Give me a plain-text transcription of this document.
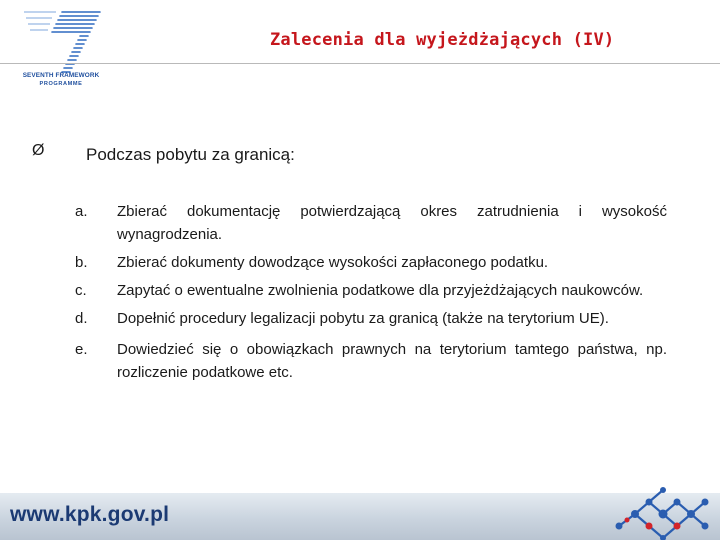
SEVENTH FRAMEWORK
PROGRAMME
Zalecenia dla wyjeżdżających (IV)
Ø Podczas pobytu za granicą:
a.	Zbierać dokumentację potwierdzającą okres zatrudnienia i wysokość wynagrodzenia.
b.	Zbierać dokumenty dowodzące wysokości zapłaconego podatku.
c.	Zapytać o ewentualne zwolnienia podatkowe dla przyjeżdżających naukowców.
d.	Dopełnić procedury legalizacji pobytu za granicą (także na terytorium UE).
e.	Dowiedzieć się o obowiązkach prawnych na terytorium tamtego państwa, np. rozliczenie podatkowe etc.
www.kpk.gov.pl
